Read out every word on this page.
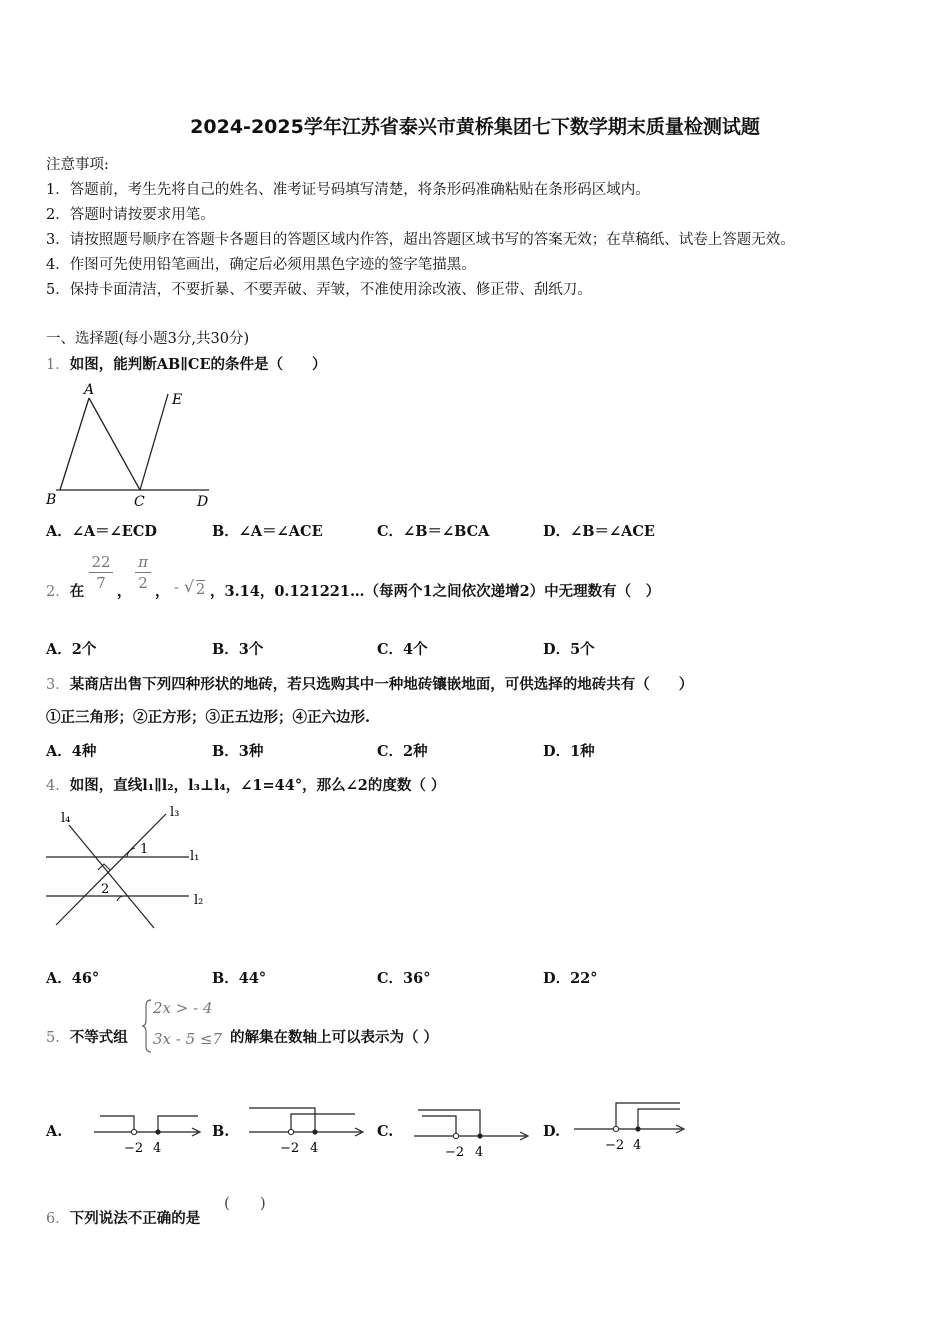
2024-2025学年江苏省泰兴市黄桥集团七下数学期末质量检测试题
注意事项:
1．答题前，考生先将自己的姓名、准考证号码填写清楚，将条形码准确粘贴在条形码区域内。
2．答题时请按要求用笔。
3．请按照题号顺序在答题卡各题目的答题区域内作答，超出答题区域书写的答案无效；在草稿纸、试卷上答题无效。
4．作图可先使用铅笔画出，确定后必须用黑色字迹的签字笔描黑。
5．保持卡面清洁，不要折暴、不要弄破、弄皱，不准使用涂改液、修正带、刮纸刀。
一、选择题(每小题3分,共30分)
1．如图，能判断AB∥CE的条件是（　　）
A
B	C	D
E
A．∠A＝∠ECD	B．∠A＝∠ACE	C．∠B＝∠BCA	D．∠B＝∠ACE
2．在
22
7 ，
π
2 ， - √ 2 ，3.14，0.121221…（每两个1之间依次递增2）中无理数有（　）
A．2个	B．3个	C．4个	D．5个
3．某商店出售下列四种形状的地砖，若只选购其中一种地砖镶嵌地面，可供选择的地砖共有（　　）
①正三角形；②正方形；③正五边形；④正六边形.
A．4种	B．3种	C．2种	D．1种
4．如图，直线l₁∥l₂，l₃⊥l₄，∠1=44°，那么∠2的度数（ ）
l₄	l₃
l₁
l₂
1
2
A．46°	B．44°	C．36°	D．22°
5．不等式组
2x > - 4
3x - 5 ≤7 的解集在数轴上可以表示为（ ）
A.
−2 4
B.
−2 4
C.
−2 4
D.
−2 4
6．下列说法不正确的是
(　　)
